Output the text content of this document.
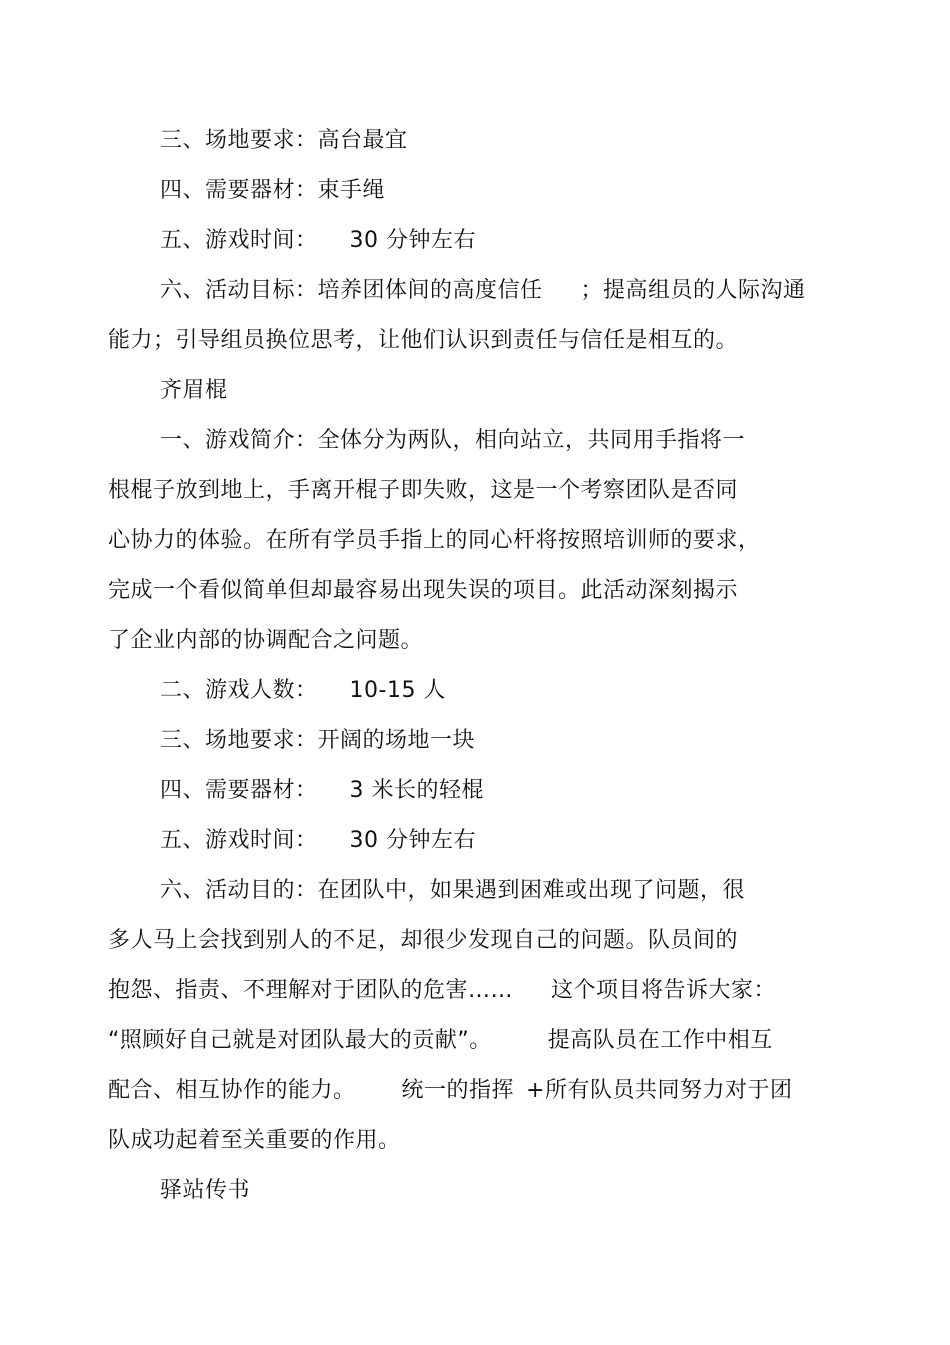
三、场地要求：高台最宜
四、需要器材：束手绳
五、游戏时间： 30 分钟左右
六、活动目标：培养团体间的高度信任 ；提高组员的人际沟通
能力；引导组员换位思考，让他们认识到责任与信任是相互的。
齐眉棍
一、游戏简介：全体分为两队，相向站立，共同用手指将一
根棍子放到地上，手离开棍子即失败，这是一个考察团队是否同
心协力的体验。在所有学员手指上的同心杆将按照培训师的要求，
完成一个看似简单但却最容易出现失误的项目。此活动深刻揭示
了企业内部的协调配合之问题。
二、游戏人数： 10-15 人
三、场地要求：开阔的场地一块
四、需要器材： 3 米长的轻棍
五、游戏时间： 30 分钟左右
六、活动目的：在团队中，如果遇到困难或出现了问题，很
多人马上会找到别人的不足，却很少发现自己的问题。队员间的
抱怨、指责、不理解对于团队的危害…… 这个项目将告诉大家：
“照顾好自己就是对团队最大的贡献”。	提高队员在工作中相互
配合、相互协作的能力。 统一的指挥 +所有队员共同努力对于团
队成功起着至关重要的作用。
驿站传书
